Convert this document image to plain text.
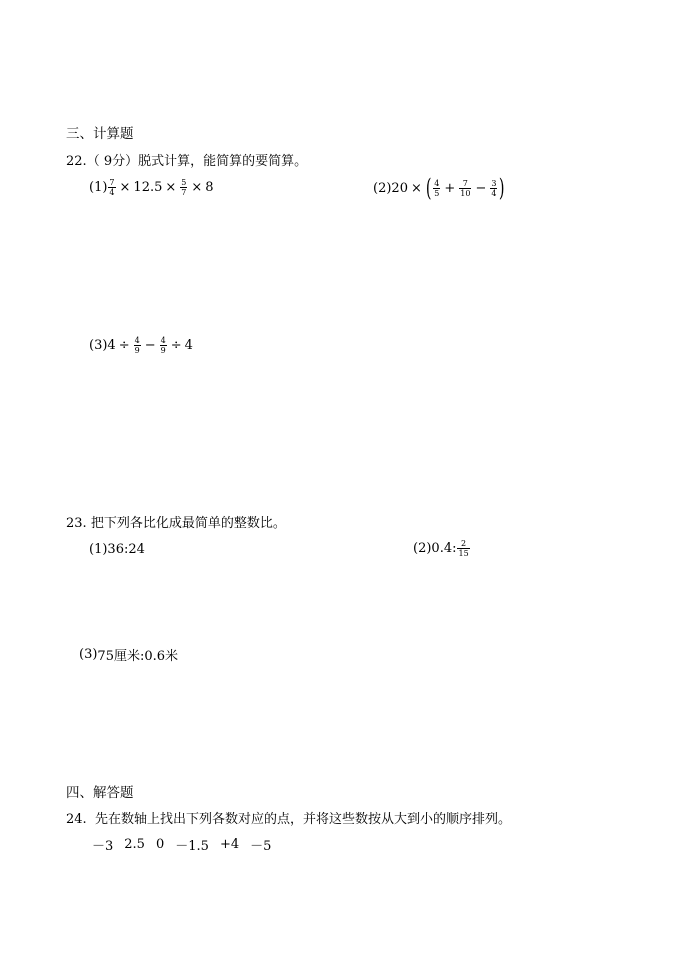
三、计算题
22.（ 9分）脱式计算，能简算的要简算。
$(1) \frac{7}{4} \times 12.5 \times \frac{5}{7} \times 8$	(2) 20 × ( $\frac{4}{5} + \frac{7}{10} - \frac{3}{4}$ )
(3) $4 \div \frac{4}{9} - \frac{4}{9} \div 4$
23. 把下列各比化成最简单的整数比。
(1) 36:24	(2) 0.4: $\frac{2}{15}$
(3) 75厘米:0.6米
四、解答题
24. 先在数轴上找出下列各数对应的点，并将这些数按从大到小的顺序排列。
－3 2.5 0 －1.5 +4 －5
